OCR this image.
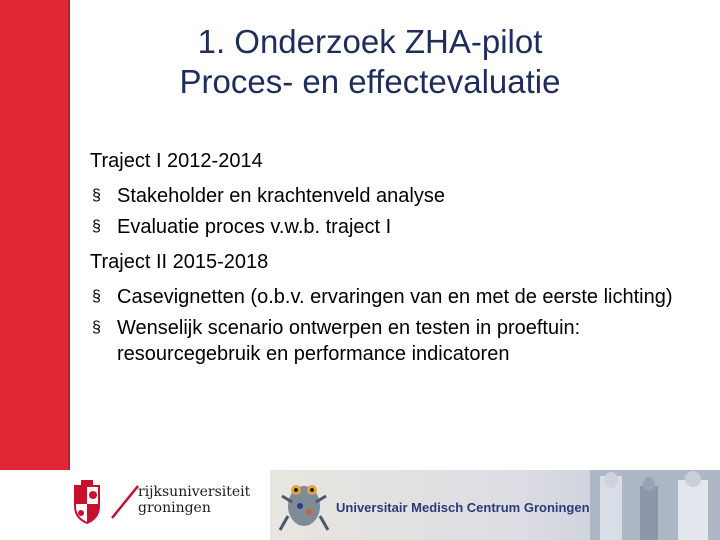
1. Onderzoek ZHA-pilot
Proces- en effectevaluatie
Traject I 2012-2014
§ Stakeholder en krachtenveld analyse
§ Evaluatie proces v.w.b. traject I
Traject II 2015-2018
§ Casevignetten (o.b.v. ervaringen van en met de eerste lichting)
§ Wenselijk scenario ontwerpen en testen in proeftuin: resourcegebruik en performance indicatoren
rijksuniversiteit
groningen	Universitair Medisch Centrum Groningen
